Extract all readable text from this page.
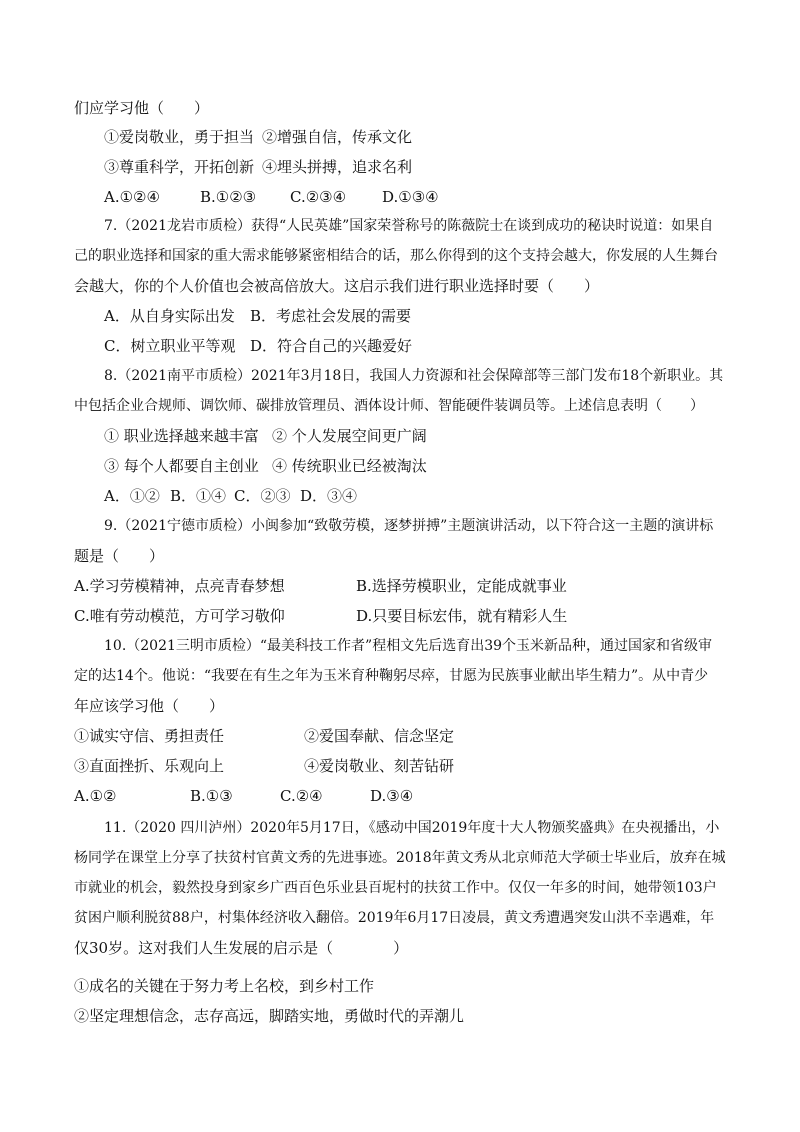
们应学习他（　　）
①爱岗敬业，勇于担当 ②增强自信，传承文化
③尊重科学，开拓创新 ④埋头拼搏，追求名利
A.①②④	B.①②③ C.②③④ D.①③④
7.（2021龙岩市质检）获得“人民英雄”国家荣誉称号的陈薇院士在谈到成功的秘诀时说道：如果自
己的职业选择和国家的重大需求能够紧密相结合的话，那么你得到的这个支持会越大，你发展的人生舞台
会越大，你的个人价值也会被高倍放大。这启示我们进行职业选择时要（　　）
A．从自身实际出发 B．考虑社会发展的需要
C．树立职业平等观 D．符合自己的兴趣爱好
8.（2021南平市质检）2021年3月18日，我国人力资源和社会保障部等三部门发布18个新职业。其
中包括企业合规师、调饮师、碳排放管理员、酒体设计师、智能硬件装调员等。上述信息表明（　　）
① 职业选择越来越丰富 ② 个人发展空间更广阔
③ 每个人都要自主创业 ④ 传统职业已经被淘汰
A．①② B．①④ C．②③ D．③④
9.（2021宁德市质检）小闽参加“致敬劳模，逐梦拼搏”主题演讲活动，以下符合这一主题的演讲标
题是（　　）
A.学习劳模精神，点亮青春梦想	B.选择劳模职业，定能成就事业
C.唯有劳动模范，方可学习敬仰	D.只要目标宏伟，就有精彩人生
10.（2021三明市质检）“最美科技工作者”程相文先后选育出39个玉米新品种，通过国家和省级审
定的达14个。他说：“我要在有生之年为玉米育种鞠躬尽瘁，甘愿为民族事业献出毕生精力”。从中青少
年应该学习他（　　）
①诚实守信、勇担责任	②爱国奉献、信念坚定
③直面挫折、乐观向上	④爱岗敬业、刻苦钻研
A.①②	B.①③	C.②④	D.③④
11.（2020 四川泸州）2020年5月17日，《感动中国2019年度十大人物颁奖盛典》在央视播出，小
杨同学在课堂上分享了扶贫村官黄文秀的先进事迹。2018年黄文秀从北京师范大学硕士毕业后，放弃在城
市就业的机会，毅然投身到家乡广西百色乐业县百坭村的扶贫工作中。仅仅一年多的时间，她带领103户
贫困户顺利脱贫88户，村集体经济收入翻倍。2019年6月17日凌晨，黄文秀遭遇突发山洪不幸遇难，年
仅30岁。这对我们人生发展的启示是（　　　　）
①成名的关键在于努力考上名校，到乡村工作
②坚定理想信念，志存高远，脚踏实地，勇做时代的弄潮儿
